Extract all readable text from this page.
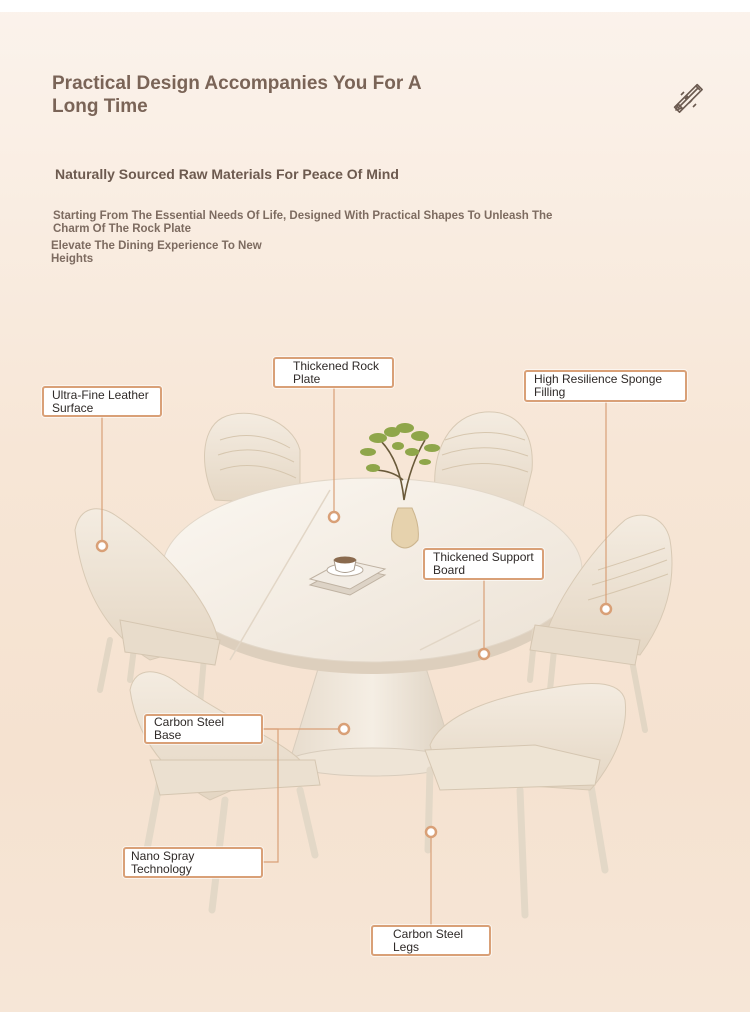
Practical Design Accompanies You For A Long Time
Naturally Sourced Raw Materials For Peace Of Mind

Starting From The Essential Needs Of Life, Designed With Practical Shapes To Unleash The Charm Of The Rock Plate

Elevate The Dining Experience To New Heights

Ultra-Fine Leather Surface
Thickened Rock Plate	High Resilience Sponge Filling
Thickened Support Board
Carbon Steel Base
Nano Spray Technology
Carbon Steel Legs
